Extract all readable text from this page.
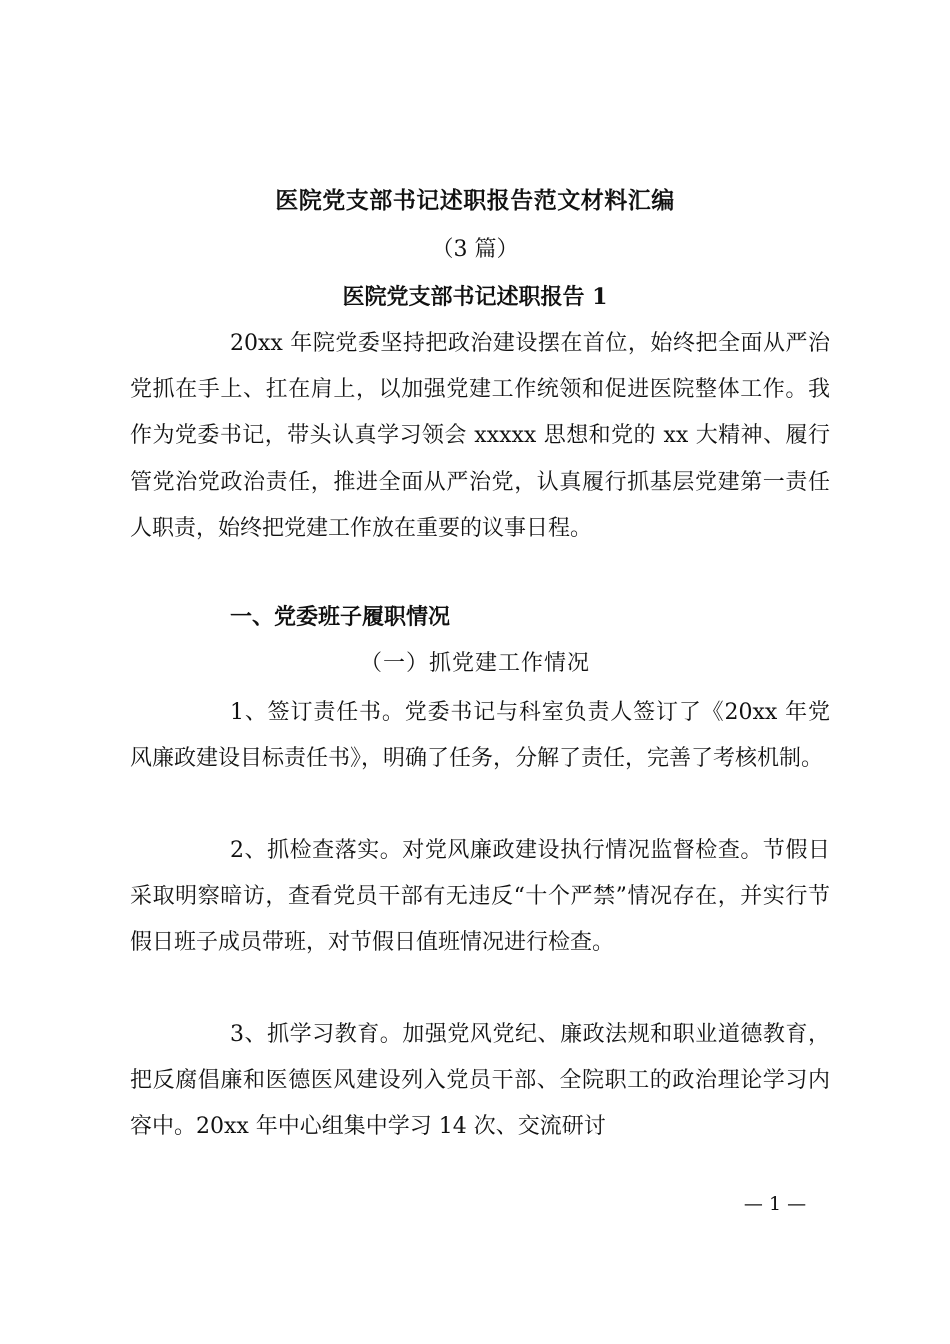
医院党支部书记述职报告范文材料汇编
（3 篇）
医院党支部书记述职报告 1

20xx 年院党委坚持把政治建设摆在首位，始终把全面从严治党抓在手上、扛在肩上，以加强党建工作统领和促进医院整体工作。我作为党委书记，带头认真学习领会 xxxxx 思想和党的 xx 大精神、履行管党治党政治责任，推进全面从严治党，认真履行抓基层党建第一责任人职责，始终把党建工作放在重要的议事日程。

一、党委班子履职情况
（一）抓党建工作情况

1、签订责任书。党委书记与科室负责人签订了《20xx 年党风廉政建设目标责任书》，明确了任务，分解了责任，完善了考核机制。

2、抓检查落实。对党风廉政建设执行情况监督检查。节假日采取明察暗访，查看党员干部有无违反“十个严禁”情况存在，并实行节假日班子成员带班，对节假日值班情况进行检查。

3、抓学习教育。加强党风党纪、廉政法规和职业道德教育，把反腐倡廉和医德医风建设列入党员干部、全院职工的政治理论学习内容中。20xx 年中心组集中学习 14 次、交流研讨

— 1 —
